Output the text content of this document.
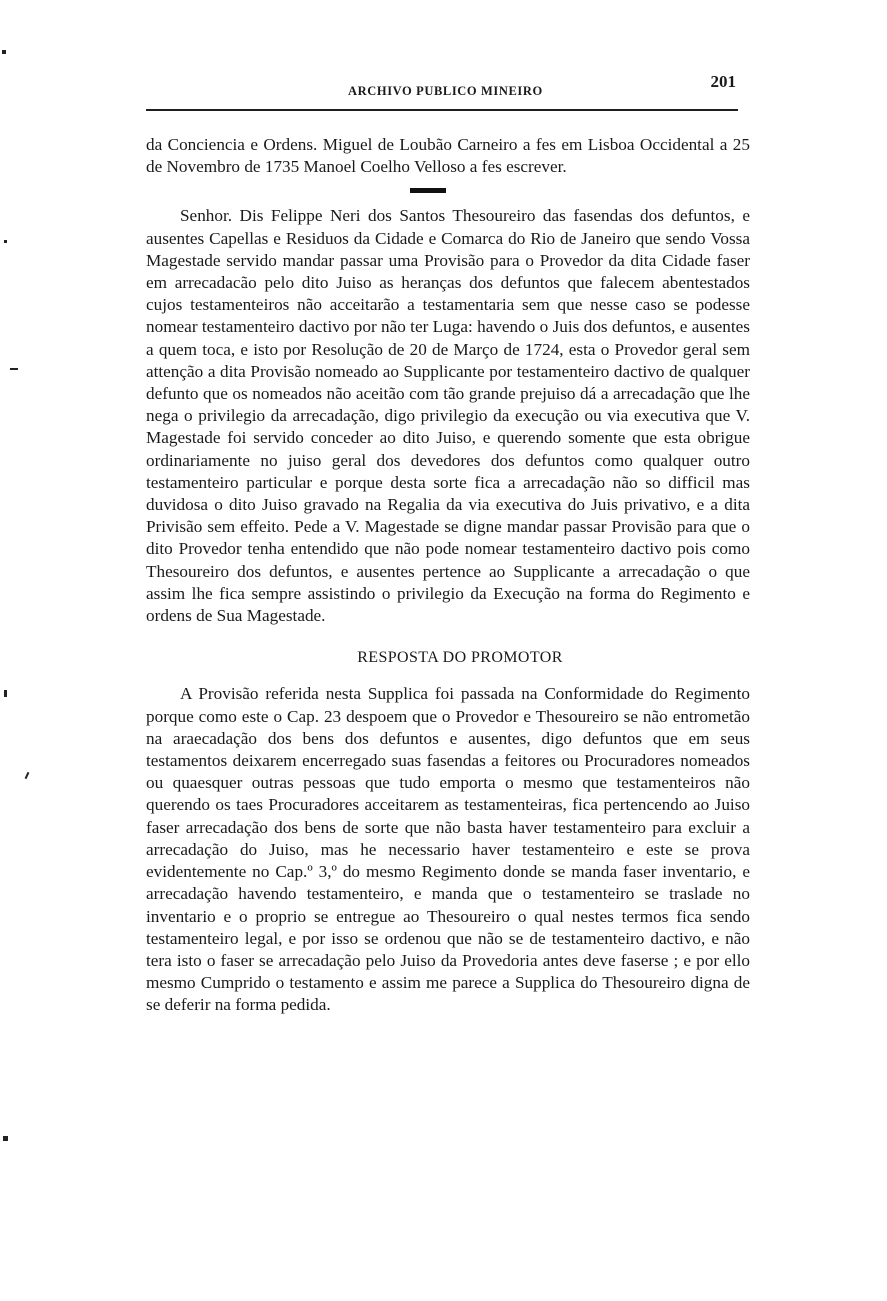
ARCHIVO PUBLICO MINEIRO	201

da Conciencia e Ordens. Miguel de Loubão Carneiro a fes em Lisboa Occidental a 25 de Novembro de 1735 Manoel Coelho Velloso a fes escrever.

Senhor. Dis Felippe Neri dos Santos Thesoureiro das fasendas dos defuntos, e ausentes Capellas e Residuos da Cidade e Comarca do Rio de Janeiro que sendo Vossa Magestade servido mandar passar uma Provisão para o Provedor da dita Cidade faser em arrecadacão pelo dito Juiso as heranças dos defuntos que falecem abentestados cujos testamenteiros não acceitarão a testamentaria sem que nesse caso se podesse nomear testamenteiro dactivo por não ter Luga: havendo o Juis dos defuntos, e ausentes a quem toca, e isto por Resolução de 20 de Março de 1724, esta o Provedor geral sem attenção a dita Provisão nomeado ao Supplicante por testamenteiro dactivo de qualquer defunto que os nomeados não aceitão com tão grande prejuiso dá a arrecadação que lhe nega o privilegio da arrecadação, digo privilegio da execução ou via executiva que V. Magestade foi servido conceder ao dito Juiso, e querendo somente que esta obrigue ordinariamente no juiso geral dos devedores dos defuntos como qualquer outro testamenteiro particular e porque desta sorte fica a arrecadação não so difficil mas duvidosa o dito Juiso gravado na Regalia da via executiva do Juis privativo, e a dita Privisão sem effeito. Pede a V. Magestade se digne mandar passar Provisão para que o dito Provedor tenha entendido que não pode nomear testamenteiro dactivo pois como Thesoureiro dos defuntos, e ausentes pertence ao Supplicante a arrecadação o que assim lhe fica sempre assistindo o privilegio da Execução na forma do Regimento e ordens de Sua Magestade.

RESPOSTA DO PROMOTOR

A Provisão referida nesta Supplica foi passada na Conformidade do Regimento porque como este o Cap. 23 despoem que o Provedor e Thesoureiro se não entrometão na araecadação dos bens dos defuntos e ausentes, digo defuntos que em seus testamentos deixarem encerregado suas fasendas a feitores ou Procuradores nomeados ou quaesquer outras pessoas que tudo emporta o mesmo que testamenteiros não querendo os taes Procuradores acceitarem as testamenteiras, fica pertencendo ao Juiso faser arrecadação dos bens de sorte que não basta haver testamenteiro para excluir a arrecadação do Juiso, mas he necessario haver testamenteiro e este se prova evidentemente no Cap.º 3,º do mesmo Regimento donde se manda faser inventario, e arrecadação havendo testamenteiro, e manda que o testamenteiro se traslade no inventario e o proprio se entregue ao Thesoureiro o qual nestes termos fica sendo testamenteiro legal, e por isso se ordenou que não se de testamenteiro dactivo, e não tera isto o faser se arrecadação pelo Juiso da Provedoria antes deve faserse ; e por ello mesmo Cumprido o testamento e assim me parece a Supplica do Thesoureiro digna de se deferir na forma pedida.
